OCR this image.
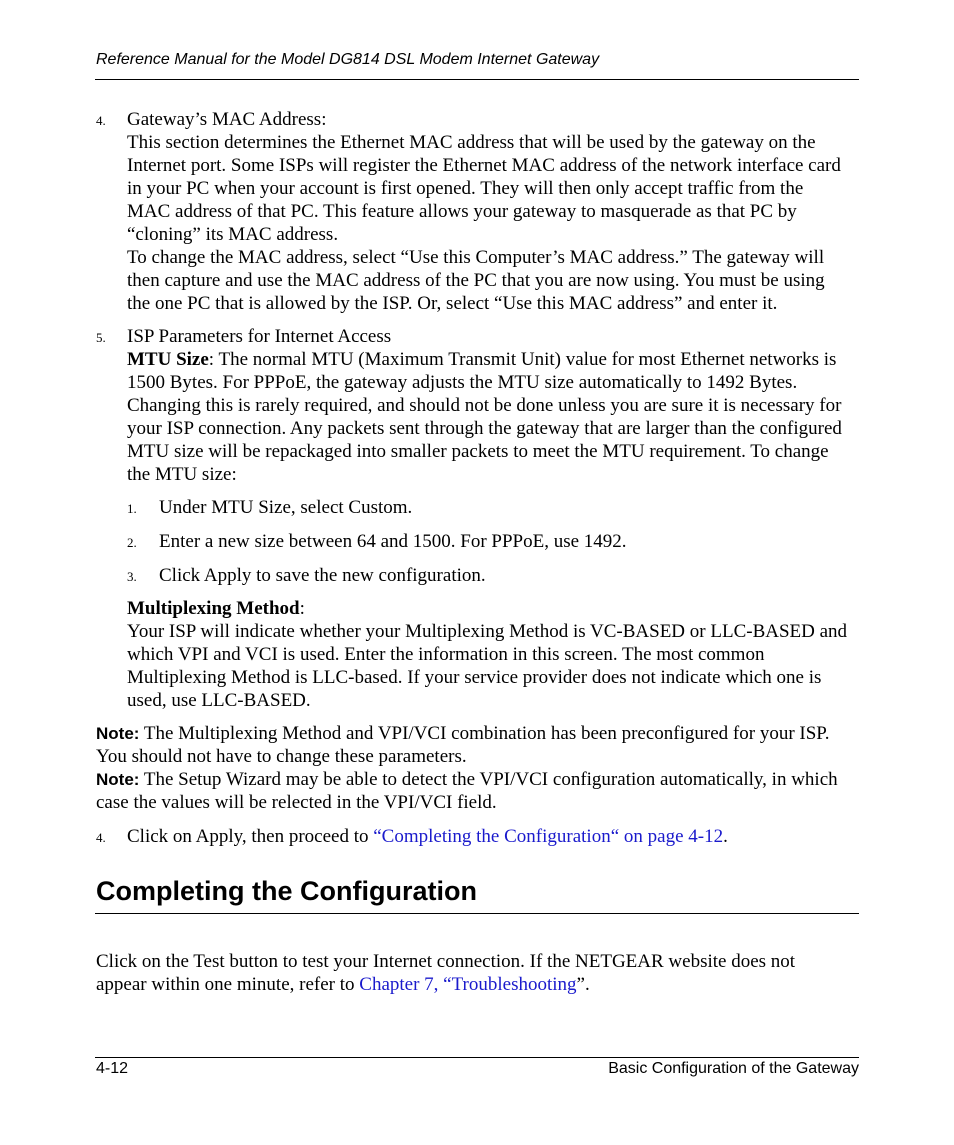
Reference Manual for the Model DG814 DSL Modem Internet Gateway
4. Gateway’s MAC Address:
This section determines the Ethernet MAC address that will be used by the gateway on the
Internet port. Some ISPs will register the Ethernet MAC address of the network interface card
in your PC when your account is first opened. They will then only accept traffic from the
MAC address of that PC. This feature allows your gateway to masquerade as that PC by
“cloning” its MAC address.
To change the MAC address, select “Use this Computer’s MAC address.” The gateway will
then capture and use the MAC address of the PC that you are now using. You must be using
the one PC that is allowed by the ISP. Or, select “Use this MAC address” and enter it.
5. ISP Parameters for Internet Access
MTU Size: The normal MTU (Maximum Transmit Unit) value for most Ethernet networks is
1500 Bytes. For PPPoE, the gateway adjusts the MTU size automatically to 1492 Bytes.
Changing this is rarely required, and should not be done unless you are sure it is necessary for
your ISP connection. Any packets sent through the gateway that are larger than the configured
MTU size will be repackaged into smaller packets to meet the MTU requirement. To change
the MTU size:
1. Under MTU Size, select Custom.
2. Enter a new size between 64 and 1500. For PPPoE, use 1492.
3. Click Apply to save the new configuration.
Multiplexing Method:
Your ISP will indicate whether your Multiplexing Method is VC-BASED or LLC-BASED and
which VPI and VCI is used. Enter the information in this screen. The most common
Multiplexing Method is LLC-based. If your service provider does not indicate which one is
used, use LLC-BASED.
Note: The Multiplexing Method and VPI/VCI combination has been preconfigured for your ISP.
You should not have to change these parameters.
Note: The Setup Wizard may be able to detect the VPI/VCI configuration automatically, in which
case the values will be relected in the VPI/VCI field.
4. Click on Apply, then proceed to “Completing the Configuration“ on page 4-12.
Completing the Configuration
Click on the Test button to test your Internet connection. If the NETGEAR website does not
appear within one minute, refer to Chapter 7, “Troubleshooting”.
4-12	Basic Configuration of the Gateway
